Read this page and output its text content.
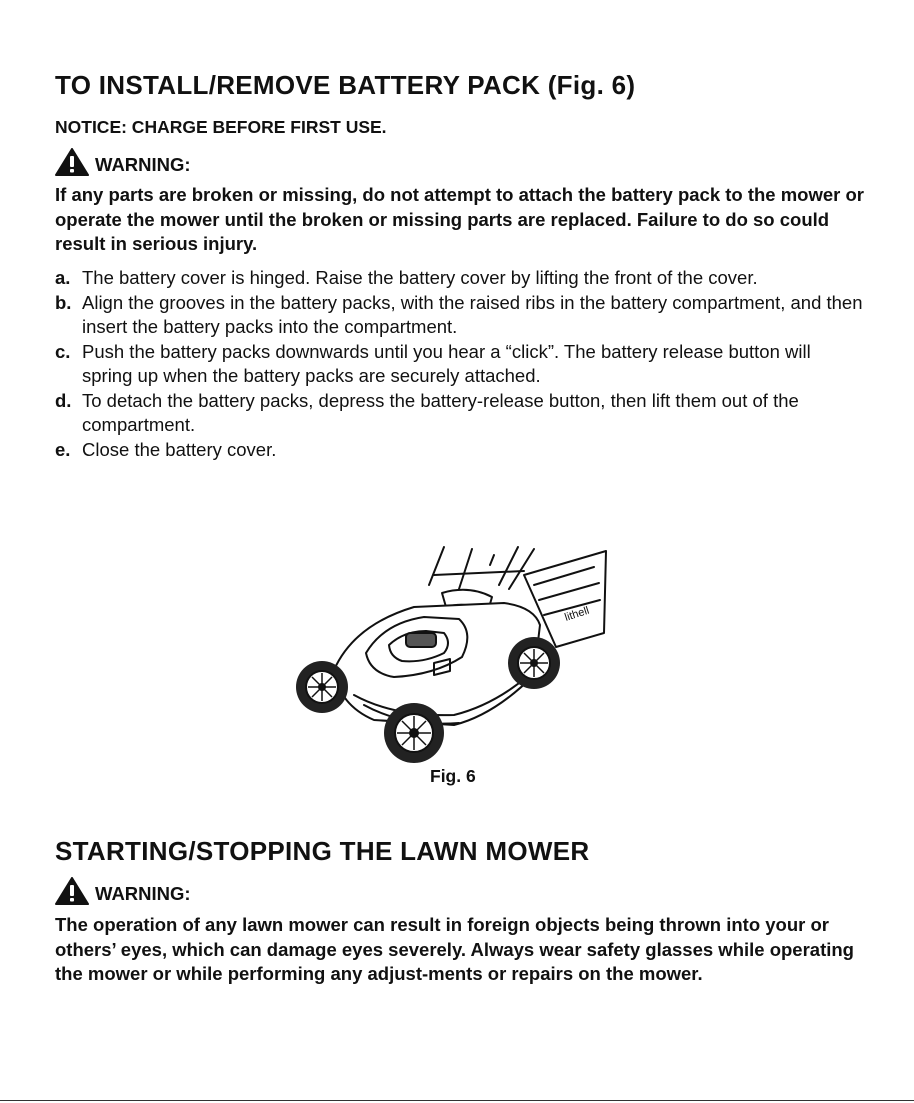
TO INSTALL/REMOVE BATTERY PACK (Fig. 6)
NOTICE: CHARGE BEFORE FIRST USE.
WARNING:
If any parts are broken or missing, do not attempt to attach the battery pack to the mower or operate the mower until the broken or missing parts are replaced. Failure to do so could result in serious injury.
a. The battery cover is hinged. Raise the battery cover by lifting the front of the cover.
b. Align the grooves in the battery packs, with the raised ribs in the battery compartment, and then insert the battery packs into the compartment.
c. Push the battery packs downwards until you hear a “click”. The battery release button will spring up when the battery packs are securely attached.
d. To detach the battery packs, depress the battery-release button, then lift them out of the compartment.
e. Close the battery cover.
lithell
Fig. 6
STARTING/STOPPING THE LAWN MOWER
WARNING:
The operation of any lawn mower can result in foreign objects being thrown into your or others’ eyes, which can damage eyes severely. Always wear safety glasses while operating the mower or while performing any adjust-ments or repairs on the mower.
